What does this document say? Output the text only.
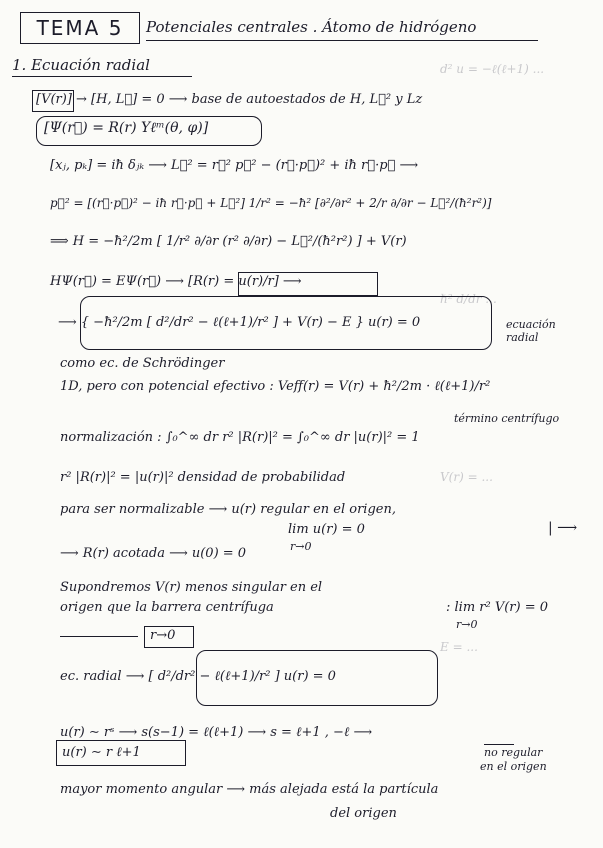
d² u = −ℓ(ℓ+1) ...
ℏ² d/dr ...
V(r) = ...
E = ...
TEMA 5	Potenciales centrales . Átomo de hidrógeno
1. Ecuación radial
[V(r)] → [H, L⃗] = 0 ⟶ base de autoestados de H, L⃗² y Lz
[Ψ(r⃗) = R(r) Yℓᵐ(θ, φ)]
[xⱼ, pₖ] = iħ δⱼₖ ⟶ L⃗² = r⃗² p⃗² − (r⃗·p⃗)² + iħ r⃗·p⃗ ⟶
p⃗² = [(r⃗·p⃗)² − iħ r⃗·p⃗ + L⃗²] 1/r² = −ħ² [∂²/∂r² + 2/r ∂/∂r − L⃗²/(ħ²r²)]
⟹ H = −ħ²/2m [ 1/r² ∂/∂r (r² ∂/∂r) − L⃗²/(ħ²r²) ] + V(r)
HΨ(r⃗) = EΨ(r⃗) ⟶ [R(r) = u(r)/r] ⟶
⟶ { −ħ²/2m [ d²/dr² − ℓ(ℓ+1)/r² ] + V(r) − E } u(r) = 0	ecuación radial
como ec. de Schrödinger
1D, pero con potencial efectivo : Veff(r) = V(r) + ħ²/2m · ℓ(ℓ+1)/r²
término centrífugo
normalización : ∫₀^∞ dr r² |R(r)|² = ∫₀^∞ dr |u(r)|² = 1
r² |R(r)|² = |u(r)|² densidad de probabilidad
para ser normalizable ⟶ u(r) regular en el origen,
lim u(r) = 0
r→0
| ⟶
⟶ R(r) acotada ⟶ u(0) = 0
Supondremos V(r) menos singular en el
origen que la barrera centrífuga	: lim r² V(r) = 0
r→0
r→0
ec. radial ⟶ [ d²/dr² − ℓ(ℓ+1)/r² ] u(r) = 0
u(r) ∼ rˢ ⟶ s(s−1) = ℓ(ℓ+1) ⟶ s = ℓ+1 , −ℓ ⟶
no regular
en el origen
u(r) ∼ r ℓ+1
mayor momento angular ⟶ más alejada está la partícula
del origen
